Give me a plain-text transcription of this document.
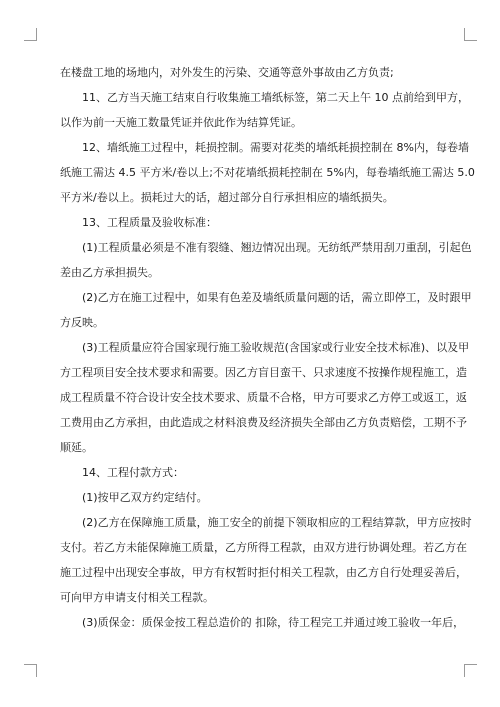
在楼盘工地的场地内，对外发生的污染、交通等意外事故由乙方负责;
11、乙方当天施工结束自行收集施工墙纸标签，第二天上午 10 点前给到甲方，
以作为前一天施工数量凭证并依此作为结算凭证。
12、墙纸施工过程中，耗损控制。需要对花类的墙纸耗损控制在 8%内，每卷墙
纸施工需达 4.5 平方米/卷以上;不对花墙纸损耗控制在 5%内，每卷墙纸施工需达 5.0
平方米/卷以上。损耗过大的话，超过部分自行承担相应的墙纸损失。
13、工程质量及验收标准：
(1)工程质量必须是不准有裂缝、翘边情况出现。无纺纸严禁用刮刀重刮，引起色
差由乙方承担损失。
(2)乙方在施工过程中，如果有色差及墙纸质量问题的话，需立即停工，及时跟甲
方反映。
(3)工程质量应符合国家现行施工验收规范(含国家或行业安全技术标准)、以及甲
方工程项目安全技术要求和需要。因乙方盲目蛮干、只求速度不按操作规程施工，造
成工程质量不符合设计安全技术要求、质量不合格，甲方可要求乙方停工或返工，返
工费用由乙方承担，由此造成之材料浪费及经济损失全部由乙方负责赔偿，工期不予
顺延。
14、工程付款方式：
(1)按甲乙双方约定结付。
(2)乙方在保障施工质量，施工安全的前提下领取相应的工程结算款，甲方应按时
支付。若乙方未能保障施工质量，乙方所得工程款，由双方进行协调处理。若乙方在
施工过程中出现安全事故，甲方有权暂时拒付相关工程款，由乙方自行处理妥善后，
可向甲方申请支付相关工程款。
(3)质保金：质保金按工程总造价的 扣除，待工程完工并通过竣工验收一年后，
